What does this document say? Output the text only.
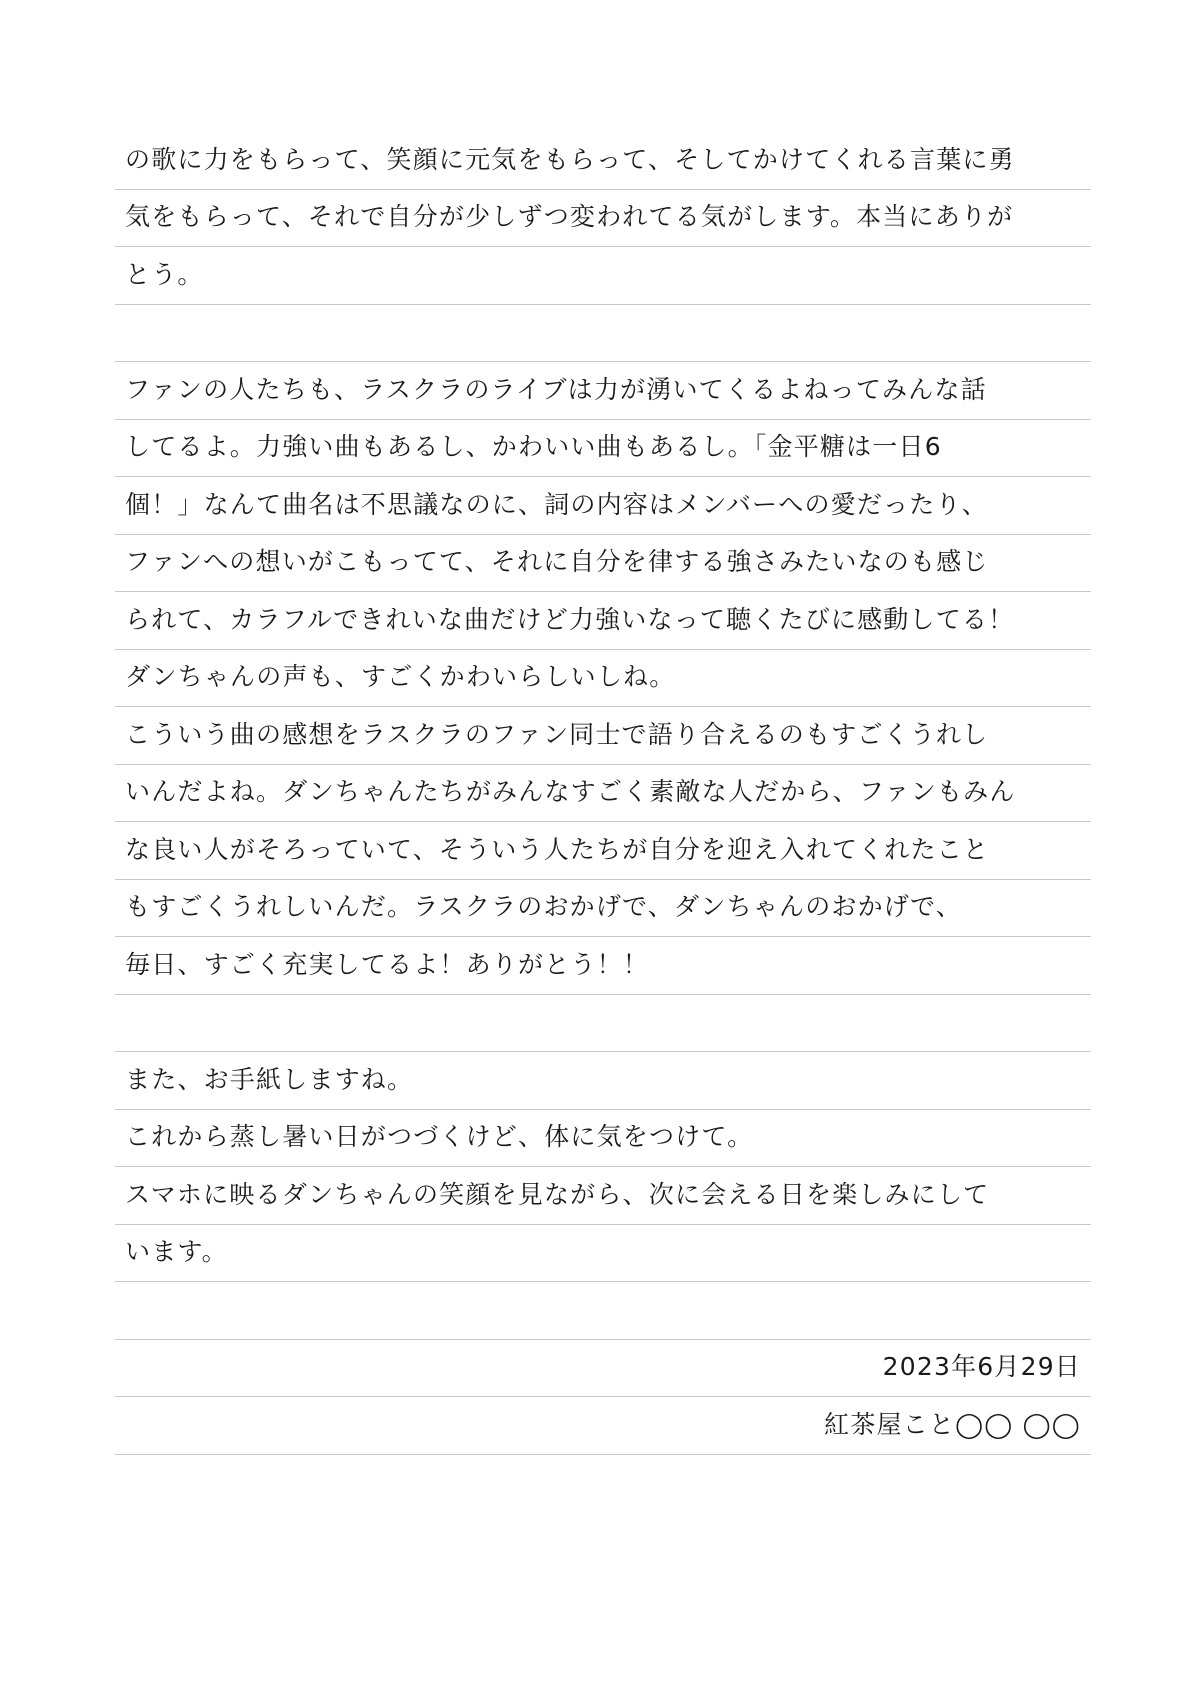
の歌に力をもらって、笑顔に元気をもらって、そしてかけてくれる言葉に勇
気をもらって、それで自分が少しずつ変われてる気がします。本当にありが
とう。
ファンの人たちも、ラスクラのライブは力が湧いてくるよねってみんな話
してるよ。力強い曲もあるし、かわいい曲もあるし。「金平糖は一日6
個！」なんて曲名は不思議なのに、詞の内容はメンバーへの愛だったり、
ファンへの想いがこもってて、それに自分を律する強さみたいなのも感じ
られて、カラフルできれいな曲だけど力強いなって聴くたびに感動してる！
ダンちゃんの声も、すごくかわいらしいしね。
こういう曲の感想をラスクラのファン同士で語り合えるのもすごくうれし
いんだよね。ダンちゃんたちがみんなすごく素敵な人だから、ファンもみん
な良い人がそろっていて、そういう人たちが自分を迎え入れてくれたこと
もすごくうれしいんだ。ラスクラのおかげで、ダンちゃんのおかげで、
毎日、すごく充実してるよ！ありがとう！！
また、お手紙しますね。
これから蒸し暑い日がつづくけど、体に気をつけて。
スマホに映るダンちゃんの笑顔を見ながら、次に会える日を楽しみにして
います。
2023年6月29日
紅茶屋こと◯◯ ◯◯
